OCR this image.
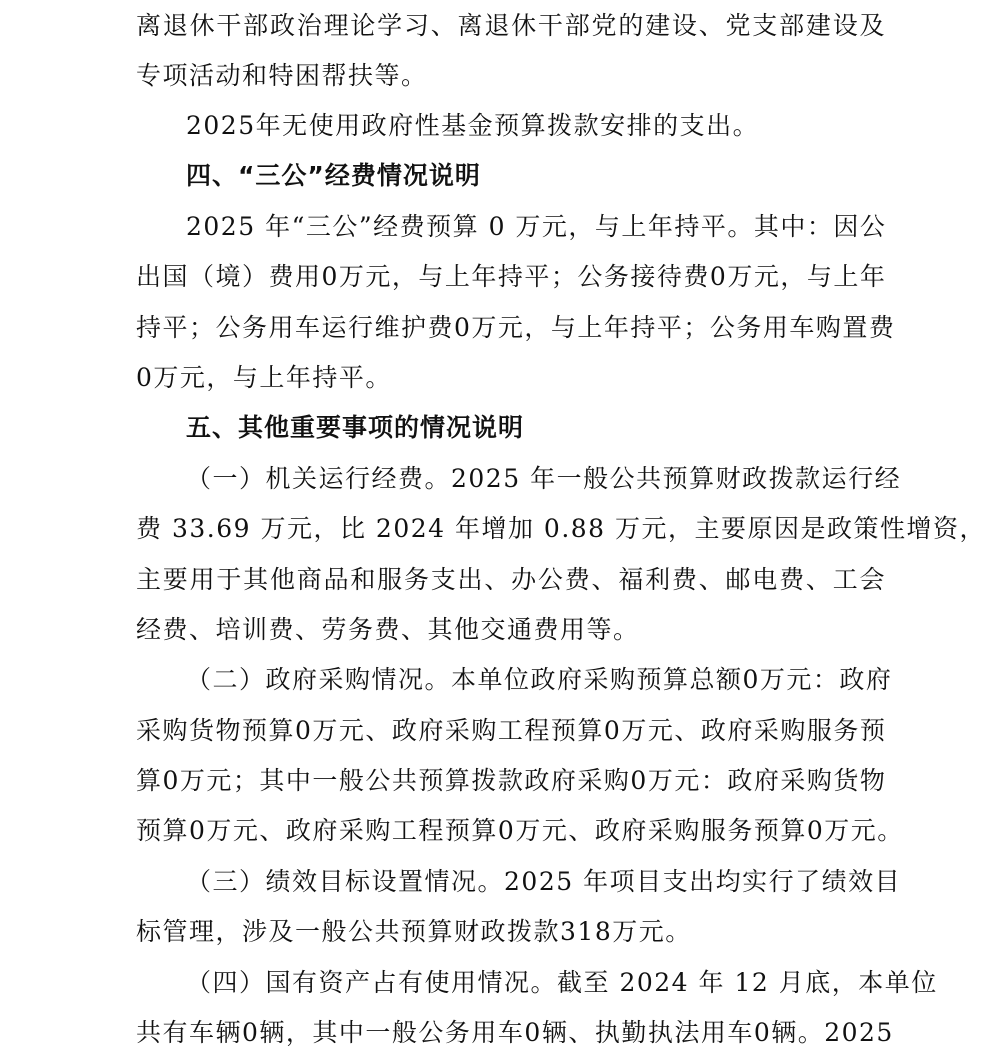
离退休干部政治理论学习、离退休干部党的建设、党支部建设及
专项活动和特困帮扶等。
2025年无使用政府性基金预算拨款安排的支出。
四、“三公”经费情况说明
2025 年“三公”经费预算 0 万元，与上年持平。其中：因公
出国（境）费用0万元，与上年持平；公务接待费0万元，与上年
持平；公务用车运行维护费0万元，与上年持平；公务用车购置费
0万元，与上年持平。
五、其他重要事项的情况说明
（一）机关运行经费。2025 年一般公共预算财政拨款运行经
费 33.69 万元，比 2024 年增加 0.88 万元，主要原因是政策性增资，
主要用于其他商品和服务支出、办公费、福利费、邮电费、工会
经费、培训费、劳务费、其他交通费用等。
（二）政府采购情况。本单位政府采购预算总额0万元：政府
采购货物预算0万元、政府采购工程预算0万元、政府采购服务预
算0万元；其中一般公共预算拨款政府采购0万元：政府采购货物
预算0万元、政府采购工程预算0万元、政府采购服务预算0万元。
（三）绩效目标设置情况。2025 年项目支出均实行了绩效目
标管理，涉及一般公共预算财政拨款318万元。
（四）国有资产占有使用情况。截至 2024 年 12 月底，本单位
共有车辆0辆，其中一般公务用车0辆、执勤执法用车0辆。2025
